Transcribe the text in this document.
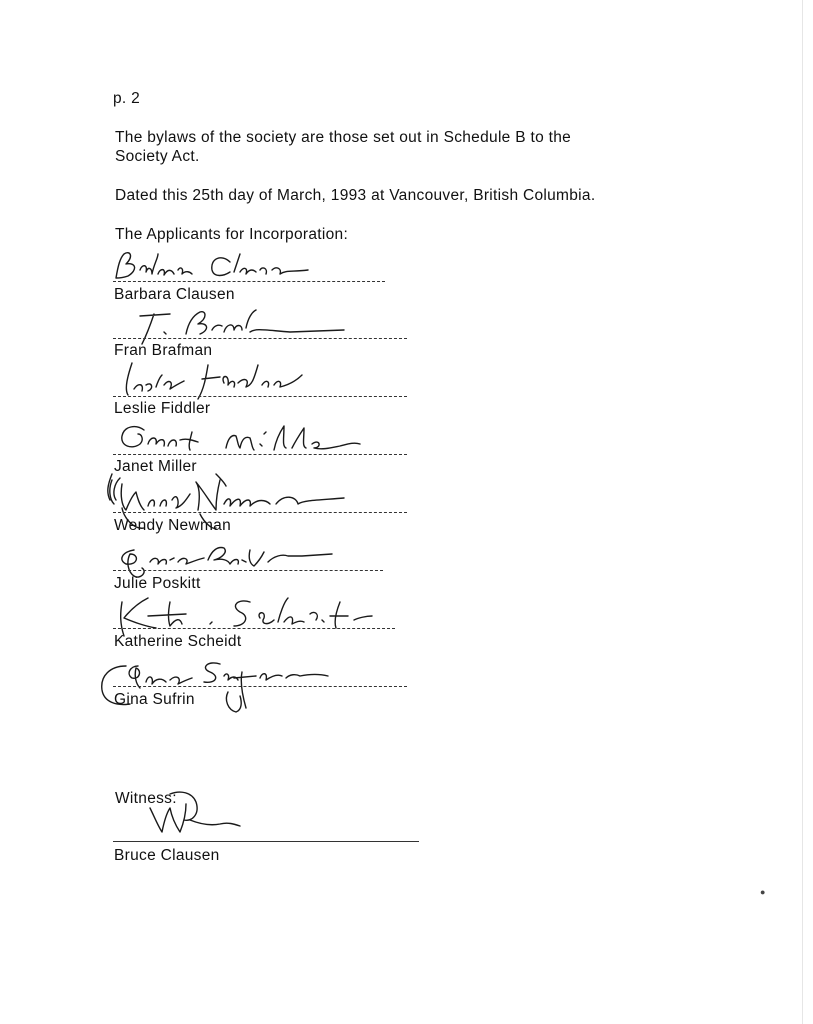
p. 2
The bylaws of the society are those set out in Schedule B to the
Society Act.
Dated this 25th day of March, 1993 at Vancouver, British Columbia.
The Applicants for Incorporation:
Barbara Clausen
Fran Brafman
Leslie Fiddler
Janet Miller
Wendy Newman
Julie Poskitt
Katherine Scheidt
Gina Sufrin
Witness:
Bruce Clausen
●
